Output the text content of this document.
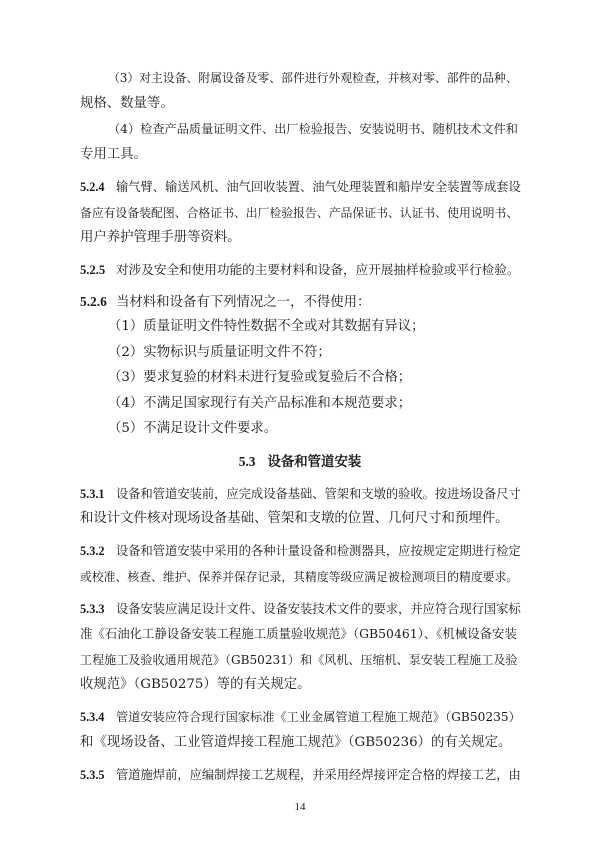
（3）对主设备、附属设备及零、部件进行外观检查，并核对零、部件的品种、
规格、数量等。
（4）检查产品质量证明文件、出厂检验报告、安装说明书、随机技术文件和
专用工具。
5.2.4 输气臂、输送风机、油气回收装置、油气处理装置和船岸安全装置等成套设
备应有设备装配图、合格证书、出厂检验报告、产品保证书、认证书、使用说明书、
用户养护管理手册等资料。
5.2.5 对涉及安全和使用功能的主要材料和设备，应开展抽样检验或平行检验。
5.2.6 当材料和设备有下列情况之一，不得使用：
（1）质量证明文件特性数据不全或对其数据有异议；
（2）实物标识与质量证明文件不符；
（3）要求复验的材料未进行复验或复验后不合格；
（4）不满足国家现行有关产品标准和本规范要求；
（5）不满足设计文件要求。
5.3 设备和管道安装
5.3.1 设备和管道安装前，应完成设备基础、管架和支墩的验收。按进场设备尺寸
和设计文件核对现场设备基础、管架和支墩的位置、几何尺寸和预埋件。
5.3.2 设备和管道安装中采用的各种计量设备和检测器具，应按规定定期进行检定
或校准、核查、维护、保养并保存记录，其精度等级应满足被检测项目的精度要求。
5.3.3 设备安装应满足设计文件、设备安装技术文件的要求，并应符合现行国家标
准《石油化工静设备安装工程施工质量验收规范》（GB50461）、《机械设备安装
工程施工及验收通用规范》（GB50231）和《风机、压缩机、泵安装工程施工及验
收规范》（GB50275）等的有关规定。
5.3.4 管道安装应符合现行国家标准《工业金属管道工程施工规范》（GB50235）
和《现场设备、工业管道焊接工程施工规范》（GB50236）的有关规定。
5.3.5 管道施焊前，应编制焊接工艺规程，并采用经焊接评定合格的焊接工艺，由
14
